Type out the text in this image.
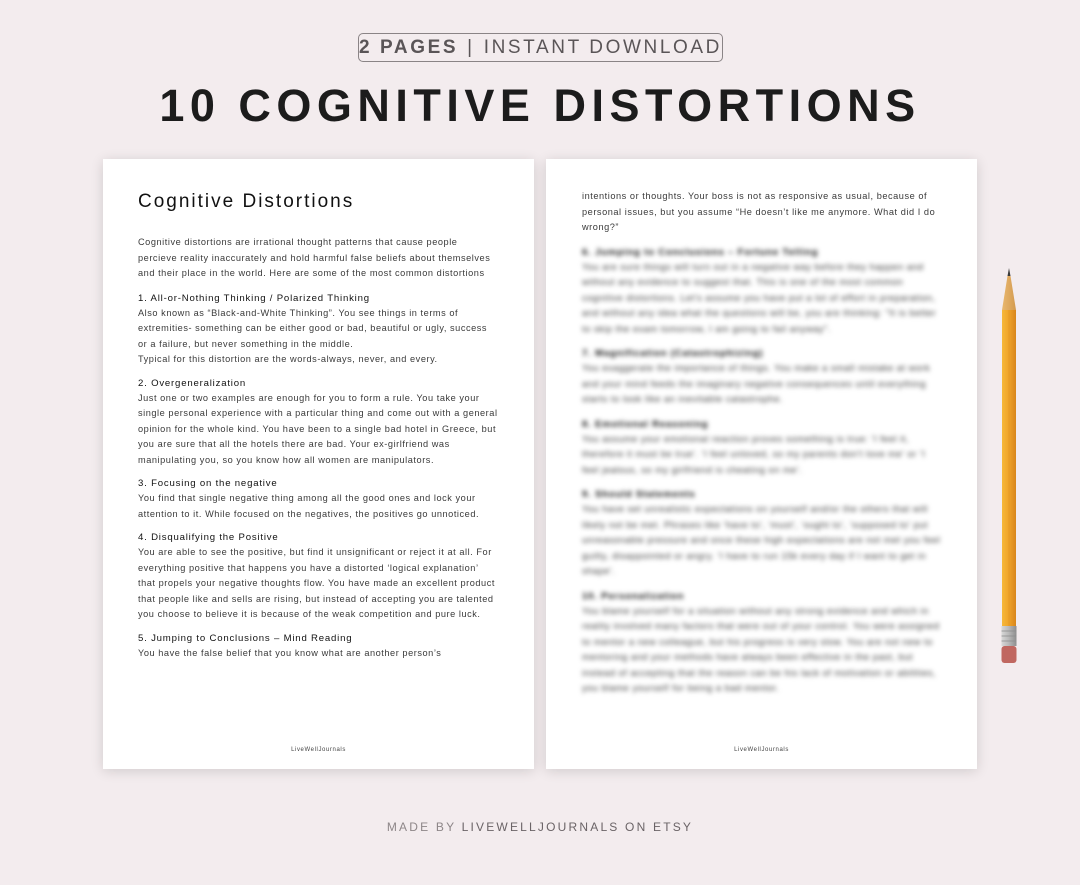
2 PAGES | INSTANT DOWNLOAD
10 COGNITIVE DISTORTIONS
Cognitive Distortions

Cognitive distortions are irrational thought patterns that cause people percieve reality inaccurately and hold harmful false beliefs about themselves and their place in the world. Here are some of the most common distortions

1. All-or-Nothing Thinking / Polarized Thinking

Also known as “Black-and-White Thinking”. You see things in terms of extremities- something can be either good or bad, beautiful or ugly, success or a failure, but never something in the middle.

Typical for this distortion are the words-always, never, and every.

2. Overgeneralization

Just one or two examples are enough for you to form a rule. You take your single personal experience with a particular thing and come out with a general opinion for the whole kind. You have been to a single bad hotel in Greece, but you are sure that all the hotels there are bad. Your ex-girlfriend was manipulating you, so you know how all women are manipulators.

3. Focusing on the negative

You find that single negative thing among all the good ones and lock your attention to it. While focused on the negatives, the positives go unnoticed.

4. Disqualifying the Positive

You are able to see the positive, but find it unsignificant or reject it at all. For everything positive that happens you have a distorted ‘logical explanation’ that propels your negative thoughts flow. You have made an excellent product that people like and sells are rising, but instead of accepting you are talented you choose to believe it is because of the weak competition and pure luck.

5. Jumping to Conclusions – Mind Reading

You have the false belief that you know what are another person’s

LiveWellJournals

intentions or thoughts. Your boss is not as responsive as usual, because of personal issues, but you assume “He doesn’t like me anymore. What did I do wrong?”

6. Jumping to Conclusions – Fortune Telling

You are sure things will turn out in a negative way before they happen and without any evidence to suggest that. This is one of the most common cognitive distortions. Let's assume you have put a lot of effort in preparation, and without any idea what the questions will be, you are thinking: "It is better to skip the exam tomorrow, I am going to fail anyway".

7. Magnification (Catastrophizing)

You exaggerate the importance of things. You make a small mistake at work and your mind feeds the imaginary negative consequences until everything starts to look like an inevitable catastrophe.

8. Emotional Reasoning

You assume your emotional reaction proves something is true: 'I feel it, therefore it must be true'. 'I feel unloved, so my parents don't love me' or 'I feel jealous, so my girlfriend is cheating on me'.

9. Should Statements

You have set unrealistic expectations on yourself and/or the others that will likely not be met. Phrases like 'have to', 'must', 'ought to', 'supposed to' put unreasonable pressure and once these high expectations are not met you feel guilty, disappointed or angry. 'I have to run 15k every day if I want to get in shape'.

10. Personalization

You blame yourself for a situation without any strong evidence and which in reality involved many factors that were out of your control. You were assigned to mentor a new colleague, but his progress is very slow. You are not new to mentoring and your methods have always been effective in the past, but instead of accepting that the reason can be his lack of motivation or abilities, you blame yourself for being a bad mentor.

LiveWellJournals
MADE BY LIVEWELLJOURNALS ON ETSY
